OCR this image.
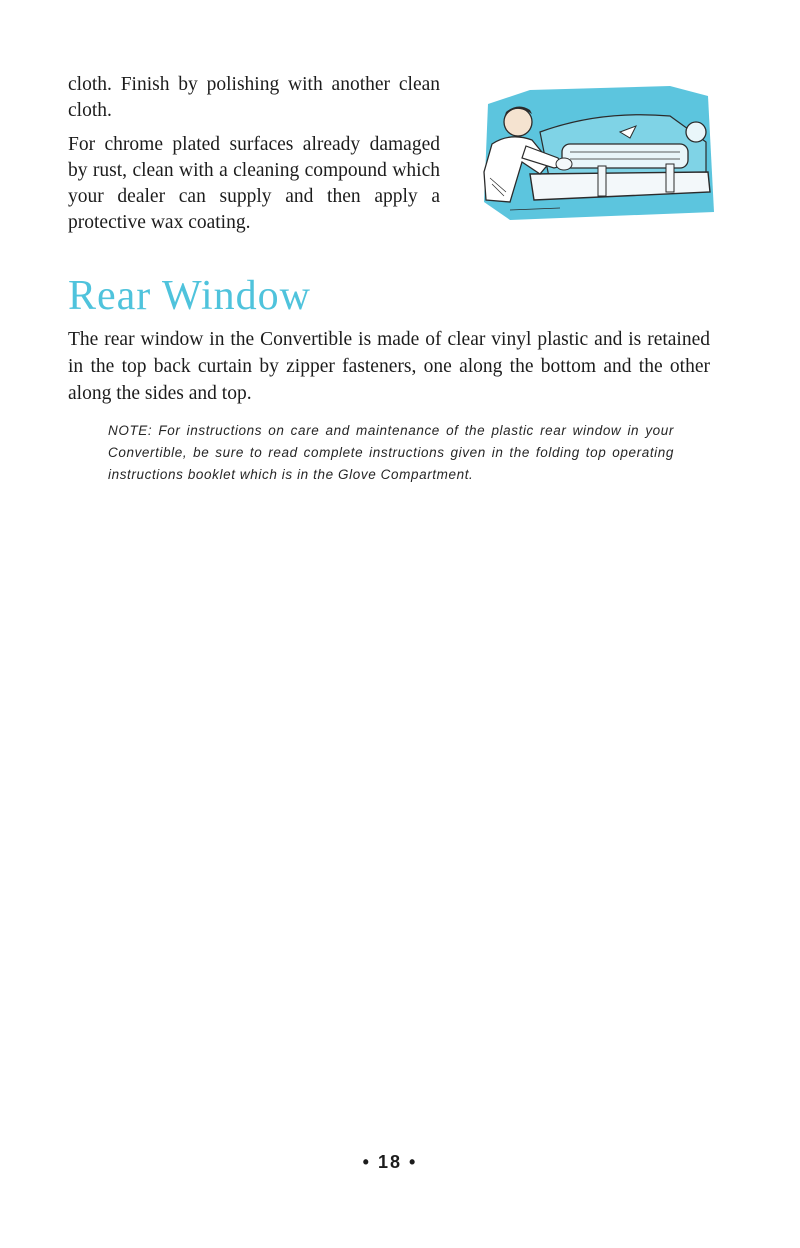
cloth. Finish by polishing with another clean cloth.

For chrome plated surfaces already damaged by rust, clean with a cleaning compound which your dealer can supply and then apply a protective wax coating.

Rear Window

The rear window in the Convertible is made of clear vinyl plastic and is retained in the top back curtain by zipper fasteners, one along the bottom and the other along the sides and top.

NOTE: For instructions on care and maintenance of the plastic rear window in your Convertible, be sure to read complete instructions given in the folding top operating instructions booklet which is in the Glove Compartment.

• 18 •
